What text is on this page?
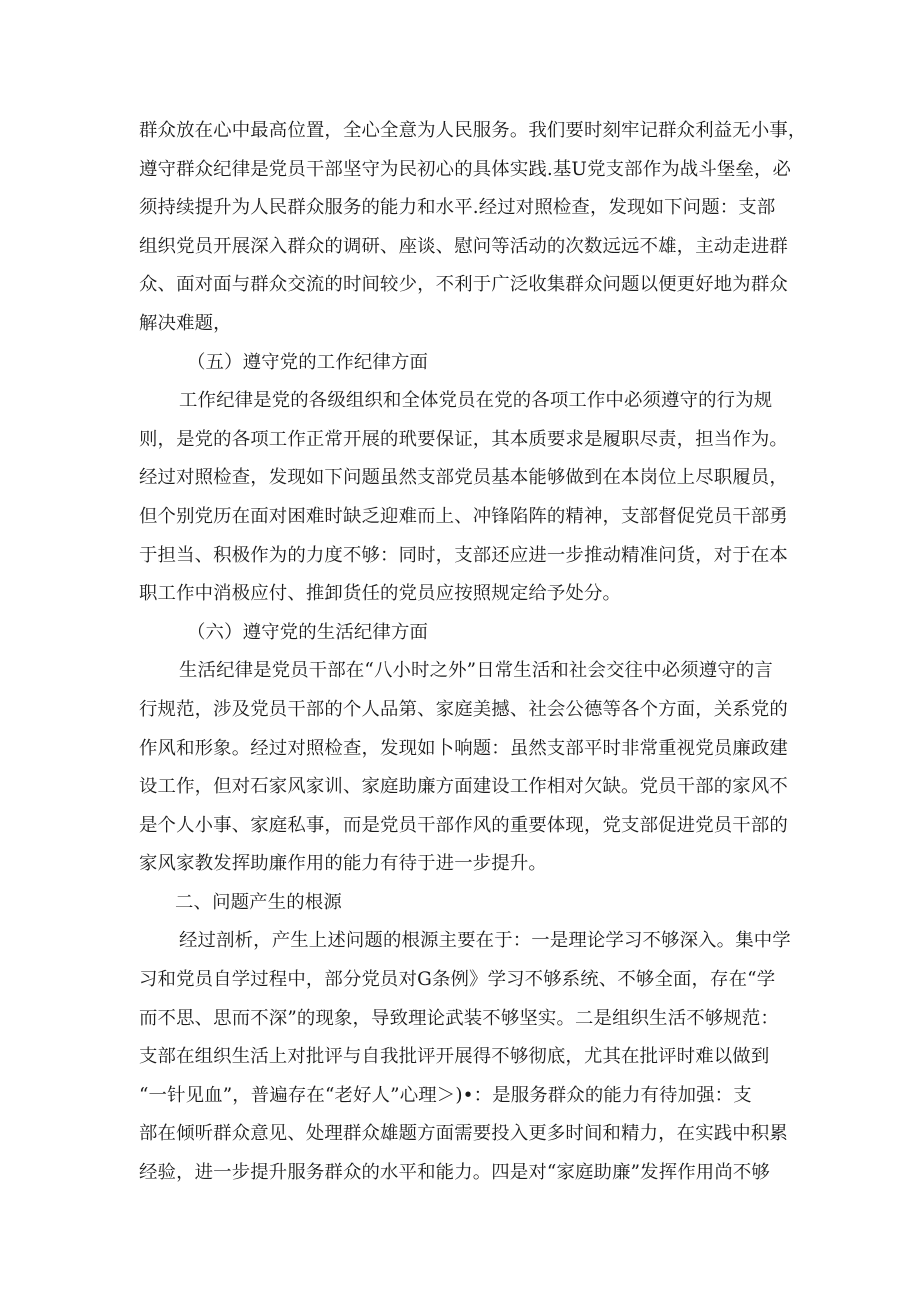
群众放在心中最高位置，全心全意为人民服务。我们要时刻牢记群众利益无小事，
遵守群众纪律是党员干部坚守为民初心的具体实践.基U党支部作为战斗堡垒，必
须持续提升为人民群众服务的能力和水平.经过对照检查，发现如下问题：支部
组织党员开展深入群众的调研、座谈、慰问等活动的次数远远不雄，主动走进群
众、面对面与群众交流的时间较少，不利于广泛收集群众问题以便更好地为群众
解决难题，
（五）遵守党的工作纪律方面
工作纪律是党的各级组织和全体党员在党的各项工作中必须遵守的行为规
则，是党的各项工作正常开展的玳要保证，其本质要求是履职尽责，担当作为。
经过对照检查，发现如下问题虽然支部党员基本能够做到在本岗位上尽职履员，
但个别党历在面对困难时缺乏迎难而上、冲锋陷阵的精神，支部督促党员干部勇
于担当、积极作为的力度不够：同时，支部还应进一步推动精准问货，对于在本
职工作中消极应付、推卸货任的党员应按照规定给予处分。
（六）遵守党的生活纪律方面
生活纪律是党员干部在“八小时之外”日常生活和社会交往中必须遵守的言
行规范，涉及党员干部的个人品第、家庭美撼、社会公德等各个方面，关系党的
作风和形象。经过对照检查，发现如卜响题：虽然支部平时非常重视党员廉政建
设工作，但对石家风家训、家庭助廉方面建设工作相对欠缺。党员干部的家风不
是个人小事、家庭私事，而是党员干部作风的重要体现，党支部促进党员干部的
家风家教发挥助廉作用的能力有待于进一步提升。
二、问题产生的根源
经过剖析，产生上述问题的根源主要在于：一是理论学习不够深入。集中学
习和党员自学过程中，部分党员对G条例》学习不够系统、不够全面，存在“学
而不思、思而不深”的现象，导致理论武装不够坚实。二是组织生活不够规范：
支部在组织生活上对批评与自我批评开展得不够彻底，尤其在批评时难以做到
“一针见血”，普遍存在“老好人”心理＞)•：是服务群众的能力有待加强：支
部在倾听群众意见、处理群众雄题方面需要投入更多时间和精力，在实践中积累
经验，进一步提升服务群众的水平和能力。四是对“家庭助廉”发挥作用尚不够
